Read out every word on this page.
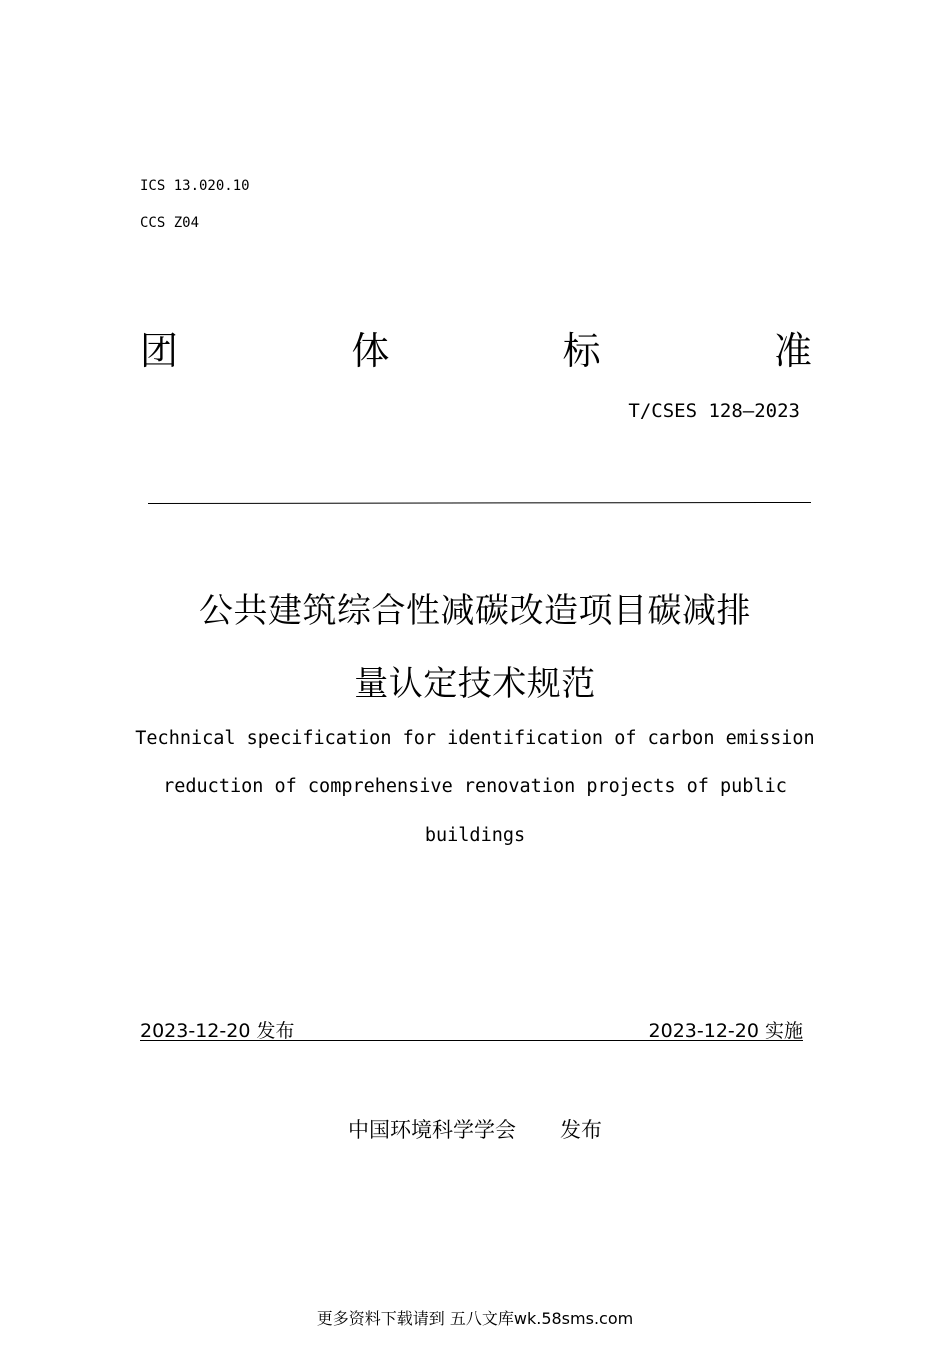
ICS 13.020.10
CCS Z04
团	体	标	准
T/CSES 128—2023
公共建筑综合性减碳改造项目碳减排
量认定技术规范
Technical specification for identification of carbon emission
reduction of comprehensive renovation projects of public
buildings
2023-12-20 发布	2023-12-20 实施
中国环境科学学会 发布
更多资料下载请到 五八文库wk.58sms.com
